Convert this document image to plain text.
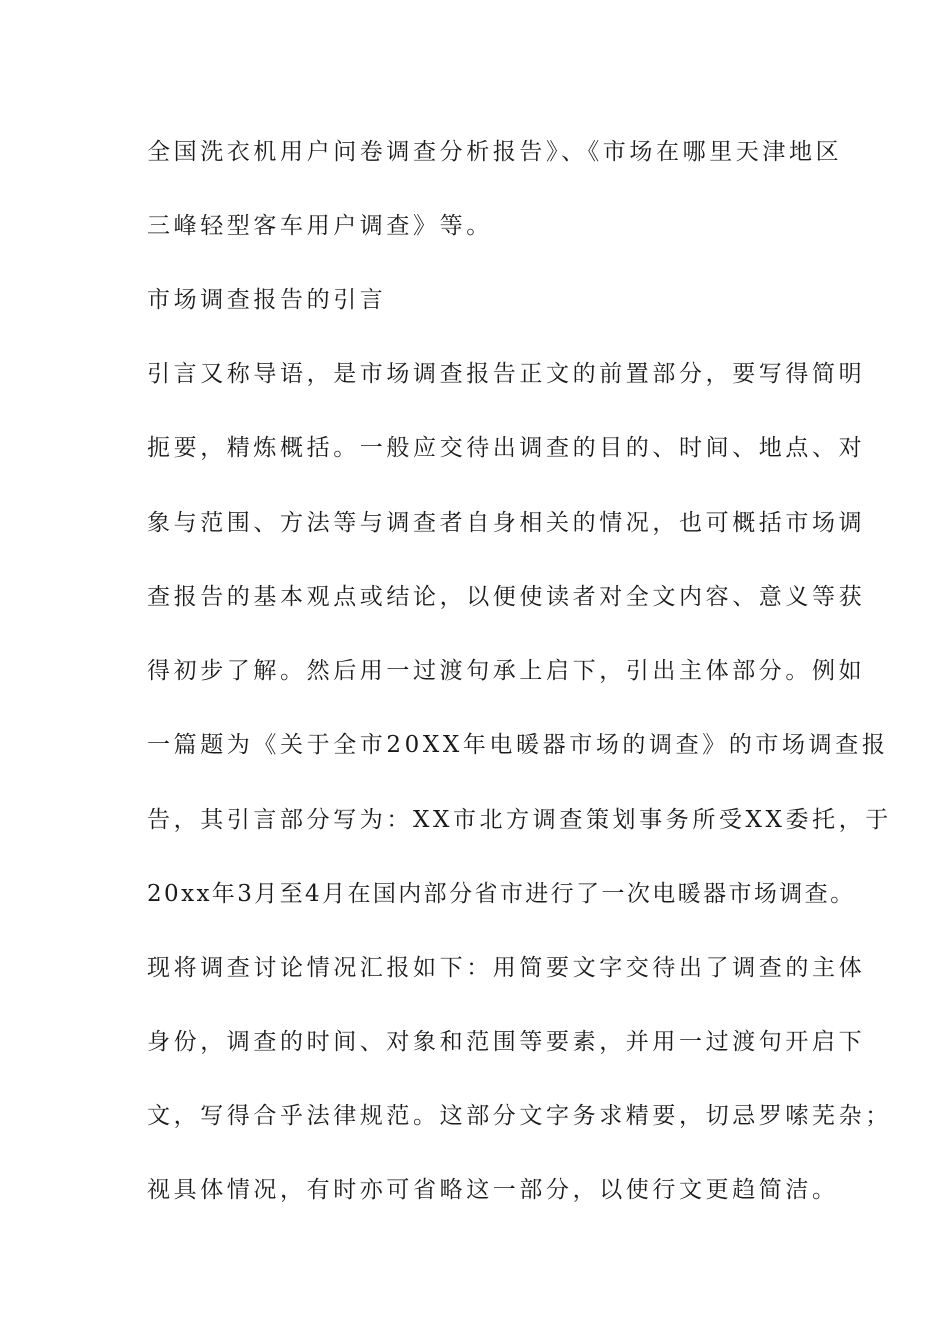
全国洗衣机用户问卷调查分析报告》、《市场在哪里天津地区
三峰轻型客车用户调查》等。
市场调查报告的引言
引言又称导语，是市场调查报告正文的前置部分，要写得简明
扼要，精炼概括。一般应交待出调查的目的、时间、地点、对
象与范围、方法等与调查者自身相关的情况，也可概括市场调
查报告的基本观点或结论，以便使读者对全文内容、意义等获
得初步了解。然后用一过渡句承上启下，引出主体部分。例如
一篇题为《关于全市20XX年电暖器市场的调查》的市场调查报
告，其引言部分写为：XX市北方调查策划事务所受XX委托，于
20xx年3月至4月在国内部分省市进行了一次电暖器市场调查。
现将调查讨论情况汇报如下：用简要文字交待出了调查的主体
身份，调查的时间、对象和范围等要素，并用一过渡句开启下
文，写得合乎法律规范。这部分文字务求精要，切忌罗嗦芜杂；
视具体情况，有时亦可省略这一部分，以使行文更趋简洁。
